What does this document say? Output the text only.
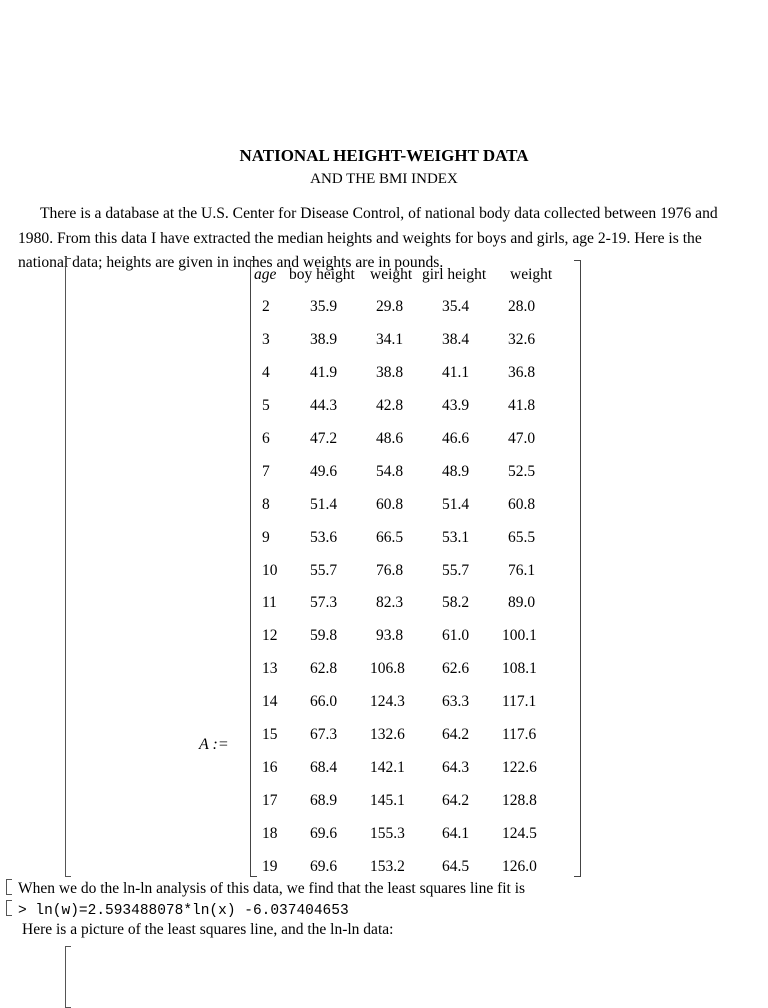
NATIONAL HEIGHT-WEIGHT DATA
AND THE BMI INDEX
There is a database at the U.S. Center for Disease Control, of national body data collected between 1976 and 1980. From this data I have extracted the median heights and weights for boys and girls, age 2-19. Here is the national data; heights are given in inches and weights are in pounds.
A :=
age boy height weight girl height weight
2	35.9	29.8	35.4	28.0
3	38.9	34.1	38.4	32.6
4	41.9	38.8	41.1	36.8
5	44.3	42.8	43.9	41.8
6	47.2	48.6	46.6	47.0
7	49.6	54.8	48.9	52.5
8	51.4	60.8	51.4	60.8
9	53.6	66.5	53.1	65.5
10 55.7	76.8	55.7	76.1
11 57.3	82.3	58.2	89.0
12 59.8	93.8	61.0 100.1
13 62.8 106.8 62.6 108.1
14 66.0 124.3 63.3 117.1
15 67.3 132.6 64.2 117.6
16 68.4 142.1 64.3 122.6
17 68.9 145.1 64.2 128.8
18 69.6 155.3 64.1 124.5
19 69.6 153.2 64.5 126.0
When we do the ln-ln analysis of this data, we find that the least squares line fit is
> ln(w)=2.593488078*ln(x) -6.037404653
Here is a picture of the least squares line, and the ln-ln data:
